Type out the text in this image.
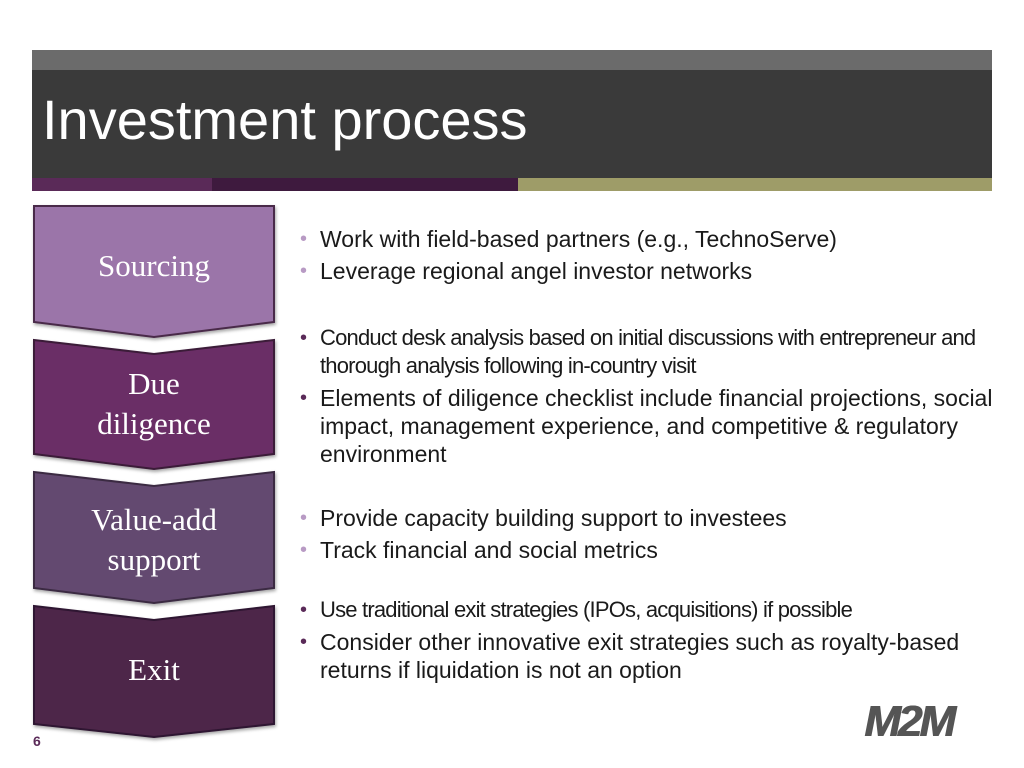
Investment process
Sourcing
Due
diligence
Value-add
support
Exit
• Work with field-based partners (e.g., TechnoServe)
• Leverage regional angel investor networks
• Conduct desk analysis based on initial discussions with entrepreneur and thorough analysis following in-country visit
• Elements of diligence checklist include financial projections, social impact, management experience, and competitive & regulatory environment
• Provide capacity building support to investees
• Track financial and social metrics
• Use traditional exit strategies (IPOs, acquisitions) if possible
• Consider other innovative exit strategies such as royalty-based returns if liquidation is not an option
6	M2M
